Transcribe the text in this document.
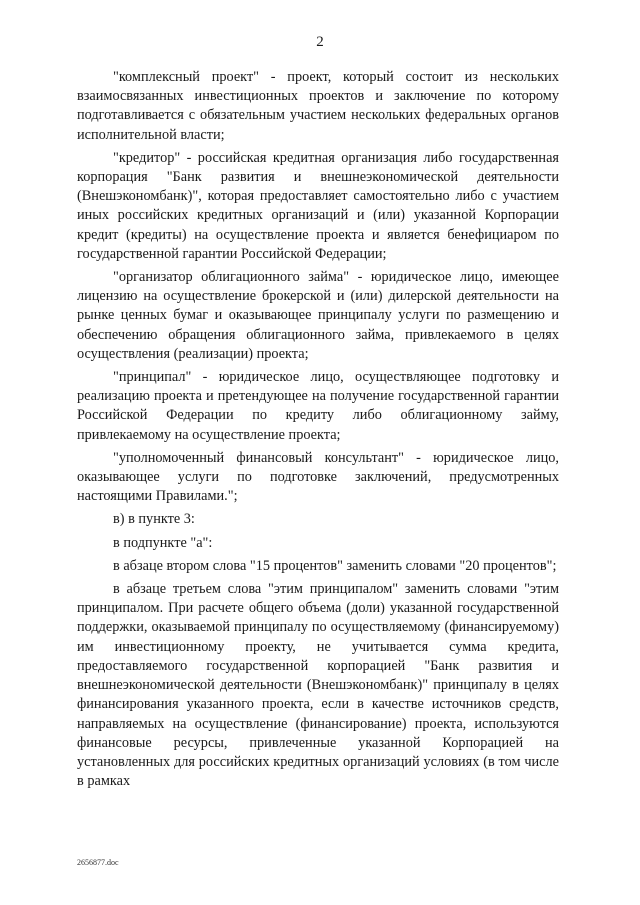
2

"комплексный проект" - проект, который состоит из нескольких взаимосвязанных инвестиционных проектов и заключение по которому подготавливается с обязательным участием нескольких федеральных органов исполнительной власти;

"кредитор" - российская кредитная организация либо государственная корпорация "Банк развития и внешнеэкономической деятельности (Внешэкономбанк)", которая предоставляет самостоятельно либо с участием иных российских кредитных организаций и (или) указанной Корпорации кредит (кредиты) на осуществление проекта и является бенефициаром по государственной гарантии Российской Федерации;

"организатор облигационного займа" - юридическое лицо, имеющее лицензию на осуществление брокерской и (или) дилерской деятельности на рынке ценных бумаг и оказывающее принципалу услуги по размещению и обеспечению обращения облигационного займа, привлекаемого в целях осуществления (реализации) проекта;

"принципал" - юридическое лицо, осуществляющее подготовку и реализацию проекта и претендующее на получение государственной гарантии Российской Федерации по кредиту либо облигационному займу, привлекаемому на осуществление проекта;

"уполномоченный финансовый консультант" - юридическое лицо, оказывающее услуги по подготовке заключений, предусмотренных настоящими Правилами.";

в) в пункте 3:

в подпункте "а":

в абзаце втором слова "15 процентов" заменить словами "20 процентов";

в абзаце третьем слова "этим принципалом" заменить словами "этим принципалом. При расчете общего объема (доли) указанной государственной поддержки, оказываемой принципалу по осуществляемому (финансируемому) им инвестиционному проекту, не учитывается сумма кредита, предоставляемого государственной корпорацией "Банк развития и внешнеэкономической деятельности (Внешэкономбанк)" принципалу в целях финансирования указанного проекта, если в качестве источников средств, направляемых на осуществление (финансирование) проекта, используются финансовые ресурсы, привлеченные указанной Корпорацией на установленных для российских кредитных организаций условиях (в том числе в рамках

2656877.doc
